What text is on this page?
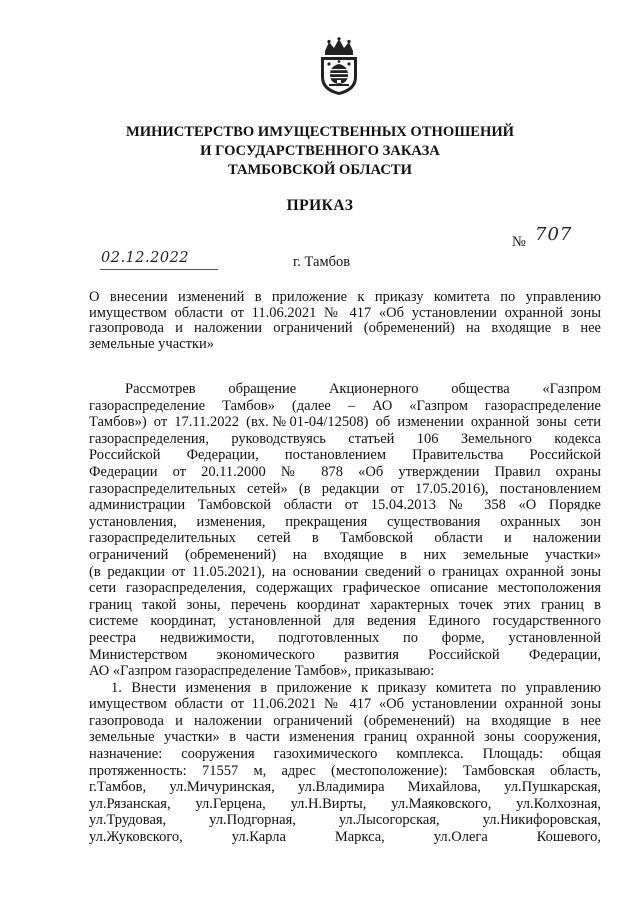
МИНИСТЕРСТВО ИМУЩЕСТВЕННЫХ ОТНОШЕНИЙ
И ГОСУДАРСТВЕННОГО ЗАКАЗА
ТАМБОВСКОЙ ОБЛАСТИ
ПРИКАЗ
№ 707
02.12.2022	г. Тамбов
О внесении изменений в приложение к приказу комитета по управлению
имуществом области от 11.06.2021 № 417 «Об установлении охранной зоны
газопровода и наложении ограничений (обременений) на входящие в нее
земельные участки»
Рассмотрев обращение Акционерного общества «Газпром
газораспределение Тамбов» (далее – АО «Газпром газораспределение
Тамбов») от 17.11.2022 (вх.№01-04/12508) об изменении охранной зоны сети
газораспределения, руководствуясь статьей 106 Земельного кодекса
Российской Федерации, постановлением Правительства Российской
Федерации от 20.11.2000 № 878 «Об утверждении Правил охраны
газораспределительных сетей» (в редакции от 17.05.2016), постановлением
администрации Тамбовской области от 15.04.2013 № 358 «О Порядке
установления, изменения, прекращения существования охранных зон
газораспределительных сетей в Тамбовской области и наложении
ограничений (обременений) на входящие в них земельные участки»
(в редакции от 11.05.2021), на основании сведений о границах охранной зоны
сети газораспределения, содержащих графическое описание местоположения
границ такой зоны, перечень координат характерных точек этих границ в
системе координат, установленной для ведения Единого государственного
реестра недвижимости, подготовленных по форме, установленной
Министерством экономического развития Российской Федерации,
АО «Газпром газораспределение Тамбов», приказываю:
1. Внести изменения в приложение к приказу комитета по управлению
имуществом области от 11.06.2021 № 417 «Об установлении охранной зоны
газопровода и наложении ограничений (обременений) на входящие в нее
земельные участки» в части изменения границ охранной зоны сооружения,
назначение: сооружения газохимического комплекса. Площадь: общая
протяженность: 71557 м, адрес (местоположение): Тамбовская область,
г.Тамбов, ул.Мичуринская, ул.Владимира Михайлова, ул.Пушкарская,
ул.Рязанская, ул.Герцена, ул.Н.Вирты, ул.Маяковского, ул.Колхозная,
ул.Трудовая, ул.Подгорная, ул.Лысогорская, ул.Никифоровская,
ул.Жуковского, ул.Карла Маркса, ул.Олега Кошевого,
